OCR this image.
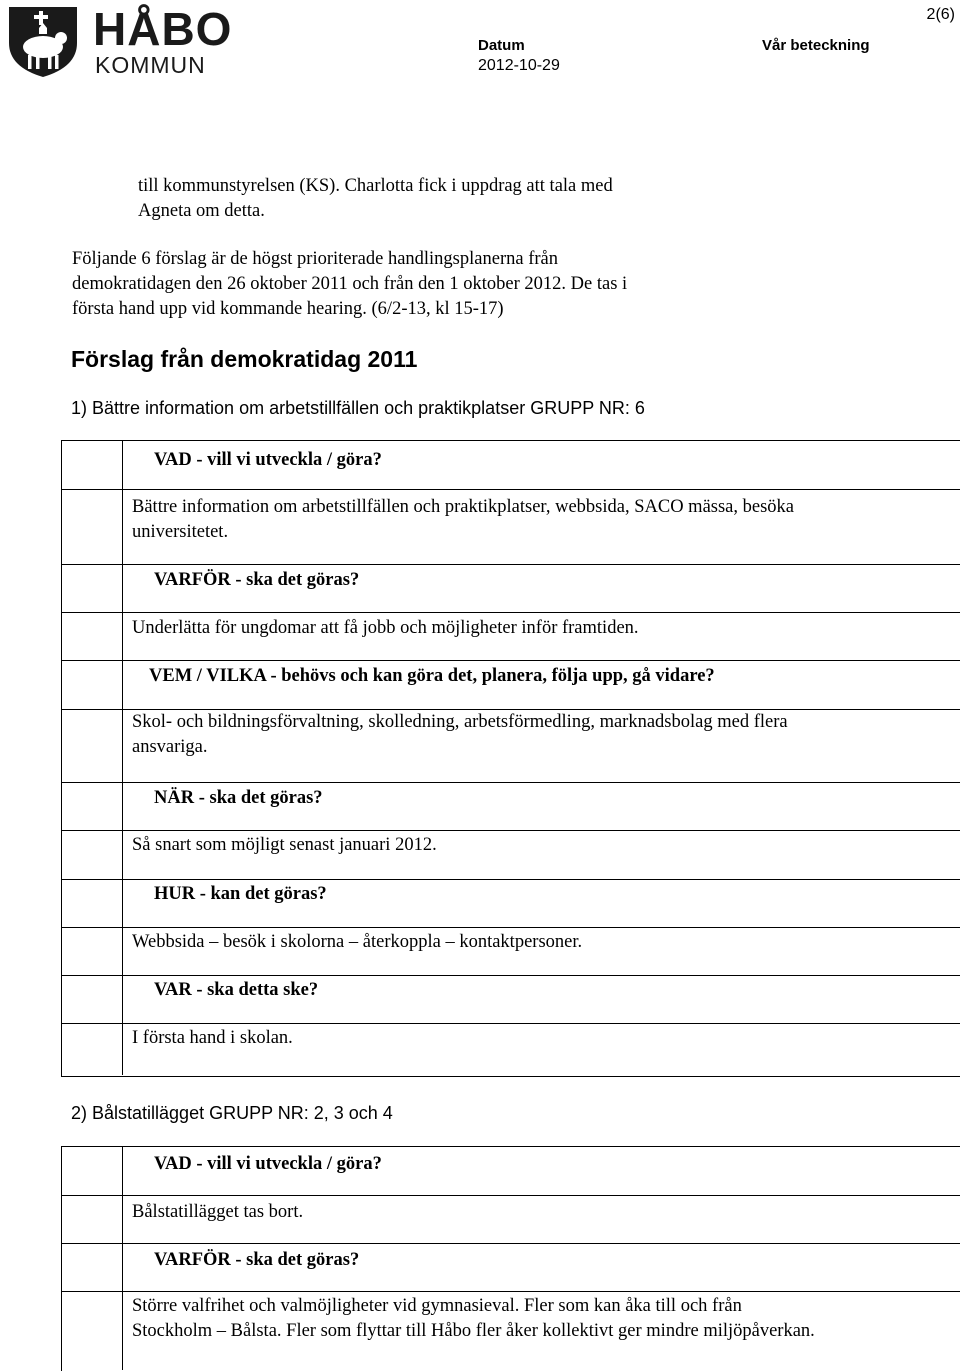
HÅBO
KOMMUN
2(6)
Datum
2012-10-29
Vår beteckning
till kommunstyrelsen (KS). Charlotta fick i uppdrag att tala med
Agneta om detta.
Följande 6 förslag är de högst prioriterade handlingsplanerna från
demokratidagen den 26 oktober 2011 och från den 1 oktober 2012. De tas i
första hand upp vid kommande hearing. (6/2-13, kl 15-17)
Förslag från demokratidag 2011
1) Bättre information om arbetstillfällen och praktikplatser GRUPP NR: 6
VAD - vill vi utveckla / göra?
Bättre information om arbetstillfällen och praktikplatser, webbsida, SACO mässa, besöka
universitetet.
VARFÖR - ska det göras?
Underlätta för ungdomar att få jobb och möjligheter inför framtiden.
VEM / VILKA - behövs och kan göra det, planera, följa upp, gå vidare?
Skol- och bildningsförvaltning, skolledning, arbetsförmedling, marknadsbolag med flera
ansvariga.
NÄR - ska det göras?
Så snart som möjligt senast januari 2012.
HUR - kan det göras?
Webbsida – besök i skolorna – återkoppla – kontaktpersoner.
VAR - ska detta ske?
I första hand i skolan.
2) Bålstatillägget GRUPP NR: 2, 3 och 4
VAD - vill vi utveckla / göra?
Bålstatillägget tas bort.
VARFÖR - ska det göras?
Större valfrihet och valmöjligheter vid gymnasieval. Fler som kan åka till och från
Stockholm – Bålsta. Fler som flyttar till Håbo fler åker kollektivt ger mindre miljöpåverkan.
